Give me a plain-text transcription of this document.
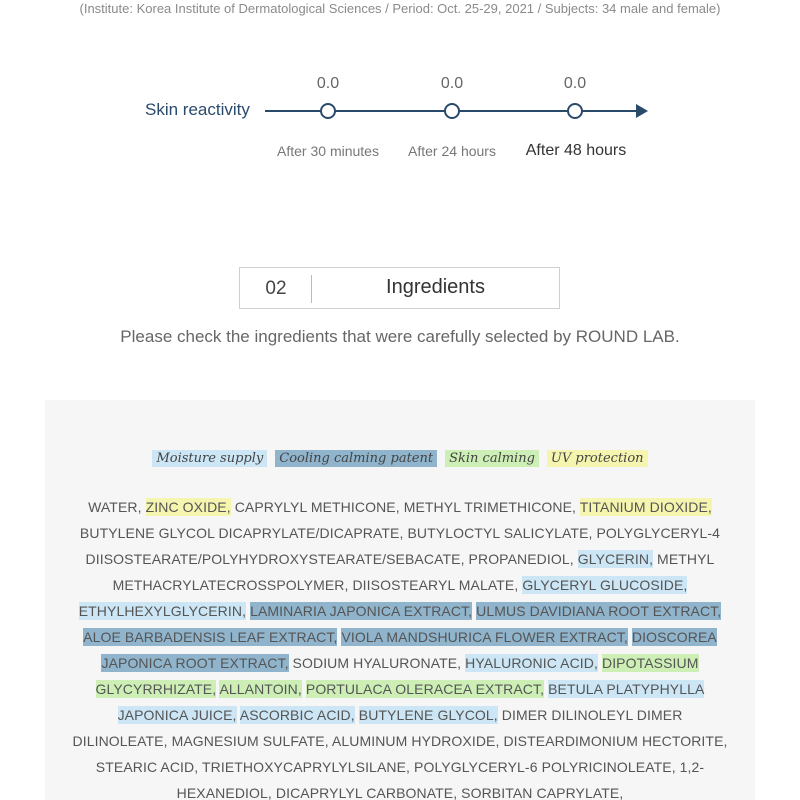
(Institute: Korea Institute of Dermatological Sciences / Period: Oct. 25-29, 2021 / Subjects: 34 male and female)
Skin reactivity
0.0
After 30 minutes
0.0
After 24 hours
0.0
After 48 hours
02	Ingredients
Please check the ingredients that were carefully selected by ROUND LAB.
Moisture supply Cooling calming patent Skin calming UV protection
WATER, ZINC OXIDE, CAPRYLYL METHICONE, METHYL TRIMETHICONE, TITANIUM DIOXIDE, BUTYLENE GLYCOL DICAPRYLATE/DICAPRATE, BUTYLOCTYL SALICYLATE, POLYGLYCERYL-4 DIISOSTEARATE/POLYHYDROXYSTEARATE/SEBACATE, PROPANEDIOL, GLYCERIN, METHYL METHACRYLATECROSSPOLYMER, DIISOSTEARYL MALATE, GLYCERYL GLUCOSIDE, ETHYLHEXYLGLYCERIN, LAMINARIA JAPONICA EXTRACT, ULMUS DAVIDIANA ROOT EXTRACT, ALOE BARBADENSIS LEAF EXTRACT, VIOLA MANDSHURICA FLOWER EXTRACT, DIOSCOREA JAPONICA ROOT EXTRACT, SODIUM HYALURONATE, HYALURONIC ACID, DIPOTASSIUM GLYCYRRHIZATE, ALLANTOIN, PORTULACA OLERACEA EXTRACT, BETULA PLATYPHYLLA JAPONICA JUICE, ASCORBIC ACID, BUTYLENE GLYCOL, DIMER DILINOLEYL DIMER DILINOLEATE, MAGNESIUM SULFATE, ALUMINUM HYDROXIDE, DISTEARDIMONIUM HECTORITE, STEARIC ACID, TRIETHOXYCAPRYLYLSILANE, POLYGLYCERYL-6 POLYRICINOLEATE, 1,2-HEXANEDIOL, DICAPRYLYL CARBONATE, SORBITAN CAPRYLATE,
